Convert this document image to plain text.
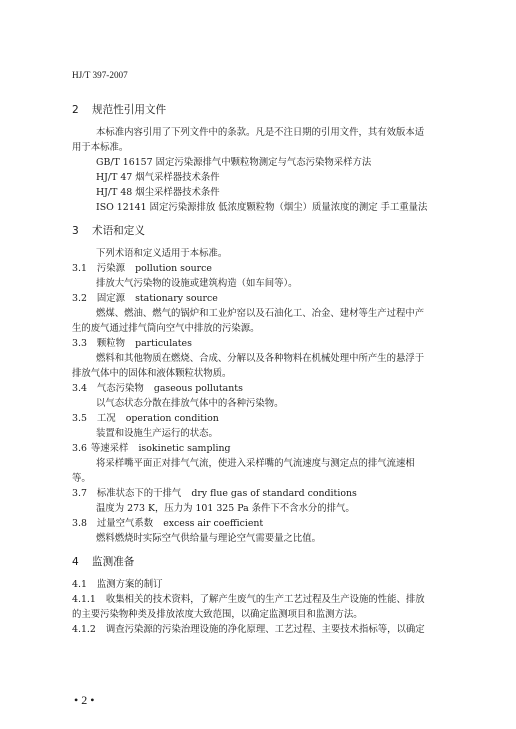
HJ/T 397-2007
2 规范性引用文件
本标准内容引用了下列文件中的条款。凡是不注日期的引用文件，其有效版本适
用于本标准。
GB/T 16157 固定污染源排气中颗粒物测定与气态污染物采样方法
HJ/T 47 烟气采样器技术条件
HJ/T 48 烟尘采样器技术条件
ISO 12141 固定污染源排放 低浓度颗粒物（烟尘）质量浓度的测定 手工重量法
3 术语和定义
下列术语和定义适用于本标准。
3.1 污染源 pollution source
排放大气污染物的设施或建筑构造（如车间等）。
3.2 固定源 stationary source
燃煤、燃油、燃气的锅炉和工业炉窑以及石油化工、冶金、建材等生产过程中产
生的废气通过排气筒向空气中排放的污染源。
3.3 颗粒物 particulates
燃料和其他物质在燃烧、合成、分解以及各种物料在机械处理中所产生的悬浮于
排放气体中的固体和液体颗粒状物质。
3.4 气态污染物 gaseous pollutants
以气态状态分散在排放气体中的各种污染物。
3.5 工况 operation condition
装置和设施生产运行的状态。
3.6 等速采样 isokinetic sampling
将采样嘴平面正对排气气流，使进入采样嘴的气流速度与测定点的排气流速相
等。
3.7 标准状态下的干排气 dry flue gas of standard conditions
温度为 273 K，压力为 101 325 Pa 条件下不含水分的排气。
3.8 过量空气系数 excess air coefficient
燃料燃烧时实际空气供给量与理论空气需要量之比值。
4 监测准备
4.1 监测方案的制订
4.1.1 收集相关的技术资料，了解产生废气的生产工艺过程及生产设施的性能、排放
的主要污染物种类及排放浓度大致范围，以确定监测项目和监测方法。
4.1.2 调查污染源的污染治理设施的净化原理、工艺过程、主要技术指标等，以确定
• 2 •
